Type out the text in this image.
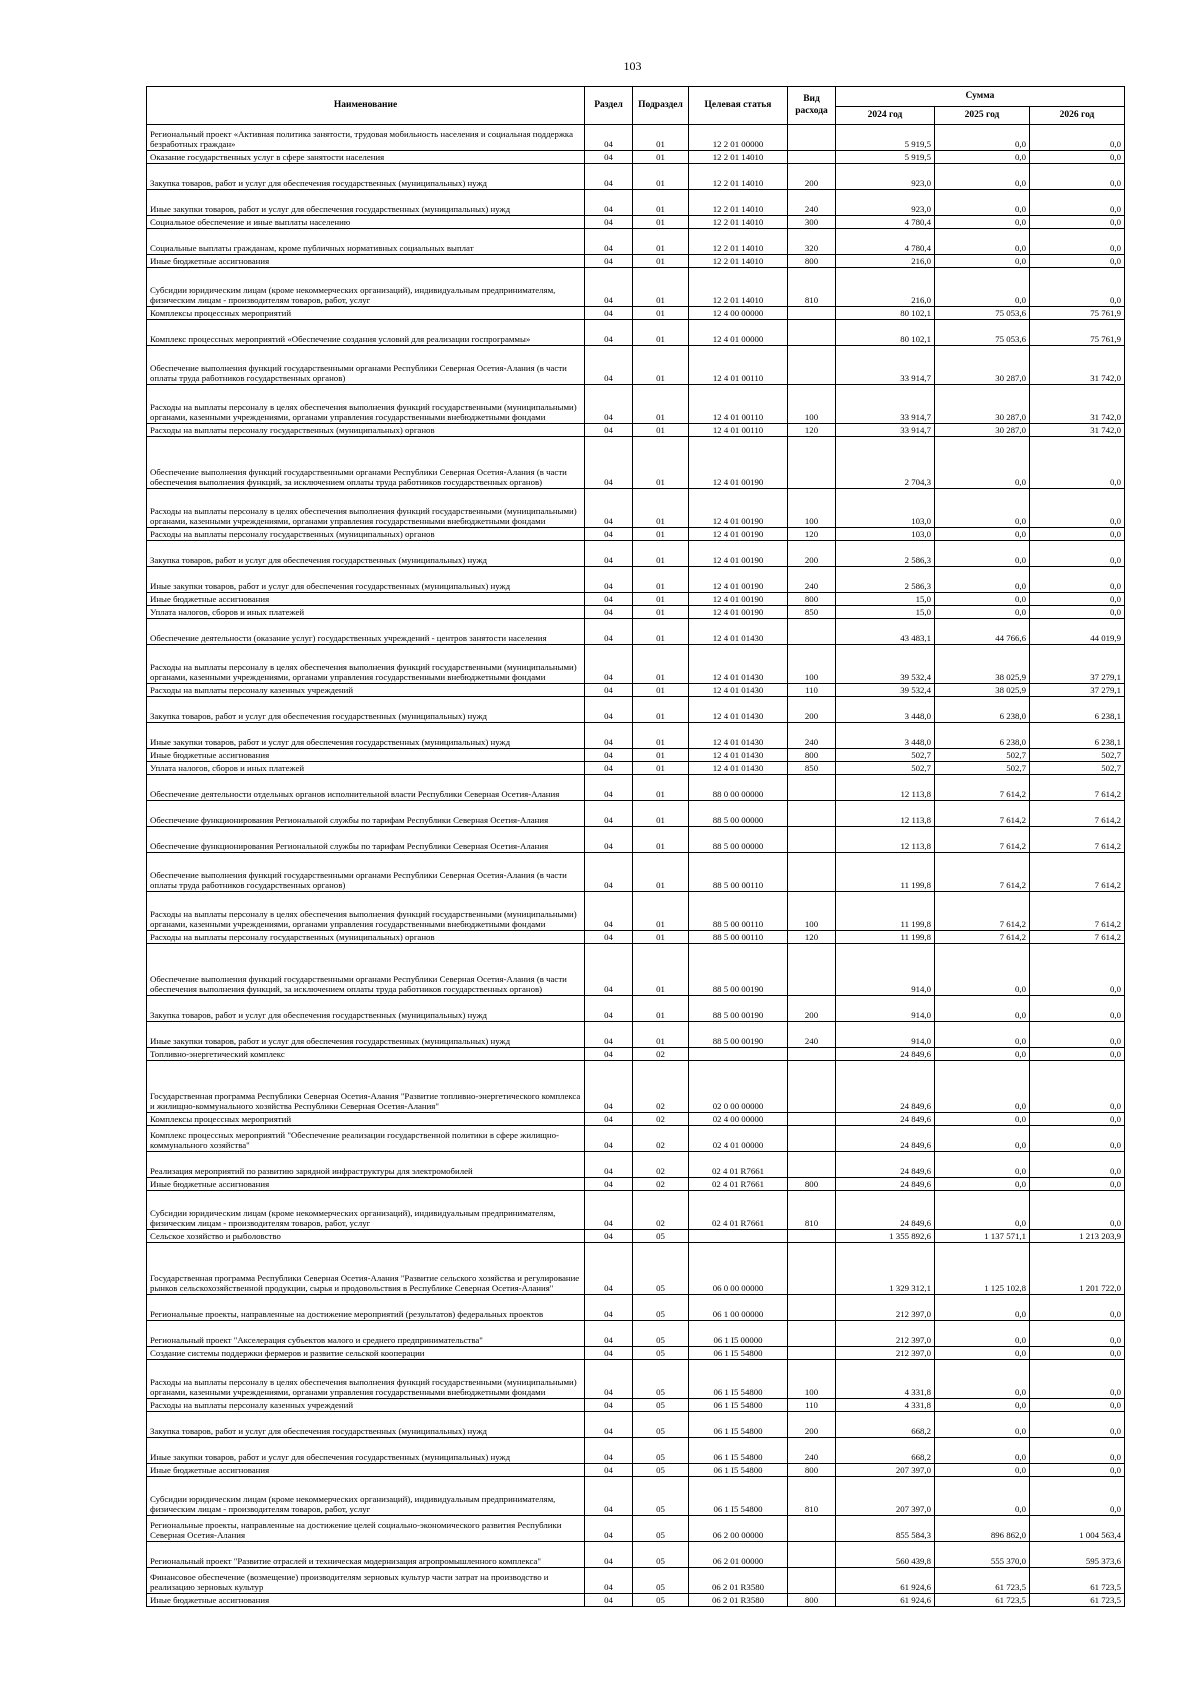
103
Наименование	Раздел	Подраздел	Целевая статья	Вид расхода	Сумма		
					2024 год	2025 год	2026 год
Региональный проект «Активная политика занятости, трудовая мобильность населения и социальная поддержка безработных граждан»	04	01	12 2 01 00000		5 919,5	0,0	0,0
Оказание государственных услуг в сфере занятости населения	04	01	12 2 01 14010		5 919,5	0,0	0,0
Закупка товаров, работ и услуг для обеспечения государственных (муниципальных) нужд	04	01	12 2 01 14010	200	923,0	0,0	0,0
Иные закупки товаров, работ и услуг для обеспечения государственных (муниципальных) нужд	04	01	12 2 01 14010	240	923,0	0,0	0,0
Социальное обеспечение и иные выплаты населению	04	01	12 2 01 14010	300	4 780,4	0,0	0,0
Социальные выплаты гражданам, кроме публичных нормативных социальных выплат	04	01	12 2 01 14010	320	4 780,4	0,0	0,0
Иные бюджетные ассигнования	04	01	12 2 01 14010	800	216,0	0,0	0,0
Субсидии юридическим лицам (кроме некоммерческих организаций), индивидуальным предпринимателям, физическим лицам - производителям товаров, работ, услуг	04	01	12 2 01 14010	810	216,0	0,0	0,0
Комплексы процессных мероприятий	04	01	12 4 00 00000		80 102,1	75 053,6	75 761,9
Комплекс процессных мероприятий «Обеспечение создания условий для реализации госпрограммы»	04	01	12 4 01 00000		80 102,1	75 053,6	75 761,9
Обеспечение выполнения функций государственными органами Республики Северная Осетия-Алания (в части оплаты труда работников государственных органов)	04	01	12 4 01 00110		33 914,7	30 287,0	31 742,0
Расходы на выплаты персоналу в целях обеспечения выполнения функций государственными (муниципальными) органами, казенными учреждениями, органами управления государственными внебюджетными фондами	04	01	12 4 01 00110	100	33 914,7	30 287,0	31 742,0
Расходы на выплаты персоналу государственных (муниципальных) органов	04	01	12 4 01 00110	120	33 914,7	30 287,0	31 742,0
Обеспечение выполнения функций государственными органами Республики Северная Осетия-Алания (в части обеспечения выполнения функций, за исключением оплаты труда работников государственных органов)	04	01	12 4 01 00190		2 704,3	0,0	0,0
Расходы на выплаты персоналу в целях обеспечения выполнения функций государственными (муниципальными) органами, казенными учреждениями, органами управления государственными внебюджетными фондами	04	01	12 4 01 00190	100	103,0	0,0	0,0
Расходы на выплаты персоналу государственных (муниципальных) органов	04	01	12 4 01 00190	120	103,0	0,0	0,0
Закупка товаров, работ и услуг для обеспечения государственных (муниципальных) нужд	04	01	12 4 01 00190	200	2 586,3	0,0	0,0
Иные закупки товаров, работ и услуг для обеспечения государственных (муниципальных) нужд	04	01	12 4 01 00190	240	2 586,3	0,0	0,0
Иные бюджетные ассигнования	04	01	12 4 01 00190	800	15,0	0,0	0,0
Уплата налогов, сборов и иных платежей	04	01	12 4 01 00190	850	15,0	0,0	0,0
Обеспечение деятельности (оказание услуг) государственных учреждений - центров занятости населения	04	01	12 4 01 01430		43 483,1	44 766,6	44 019,9
Расходы на выплаты персоналу в целях обеспечения выполнения функций государственными (муниципальными) органами, казенными учреждениями, органами управления государственными внебюджетными фондами	04	01	12 4 01 01430	100	39 532,4	38 025,9	37 279,1
Расходы на выплаты персоналу казенных учреждений	04	01	12 4 01 01430	110	39 532,4	38 025,9	37 279,1
Закупка товаров, работ и услуг для обеспечения государственных (муниципальных) нужд	04	01	12 4 01 01430	200	3 448,0	6 238,0	6 238,1
Иные закупки товаров, работ и услуг для обеспечения государственных (муниципальных) нужд	04	01	12 4 01 01430	240	3 448,0	6 238,0	6 238,1
Иные бюджетные ассигнования	04	01	12 4 01 01430	800	502,7	502,7	502,7
Уплата налогов, сборов и иных платежей	04	01	12 4 01 01430	850	502,7	502,7	502,7
Обеспечение деятельности отдельных органов исполнительной власти Республики Северная Осетия-Алания	04	01	88 0 00 00000		12 113,8	7 614,2	7 614,2
Обеспечение функционирования Региональной службы по тарифам Республики Северная Осетия-Алания	04	01	88 5 00 00000		12 113,8	7 614,2	7 614,2
Обеспечение функционирования Региональной службы по тарифам Республики Северная Осетия-Алания	04	01	88 5 00 00000		12 113,8	7 614,2	7 614,2
Обеспечение выполнения функций государственными органами Республики Северная Осетия-Алания (в части оплаты труда работников государственных органов)	04	01	88 5 00 00110		11 199,8	7 614,2	7 614,2
Расходы на выплаты персоналу в целях обеспечения выполнения функций государственными (муниципальными) органами, казенными учреждениями, органами управления государственными внебюджетными фондами	04	01	88 5 00 00110	100	11 199,8	7 614,2	7 614,2
Расходы на выплаты персоналу государственных (муниципальных) органов	04	01	88 5 00 00110	120	11 199,8	7 614,2	7 614,2
Обеспечение выполнения функций государственными органами Республики Северная Осетия-Алания (в части обеспечения выполнения функций, за исключением оплаты труда работников государственных органов)	04	01	88 5 00 00190		914,0	0,0	0,0
Закупка товаров, работ и услуг для обеспечения государственных (муниципальных) нужд	04	01	88 5 00 00190	200	914,0	0,0	0,0
Иные закупки товаров, работ и услуг для обеспечения государственных (муниципальных) нужд	04	01	88 5 00 00190	240	914,0	0,0	0,0
Топливно-энергетический комплекс	04	02			24 849,6	0,0	0,0
Государственная программа Республики Северная Осетия-Алания "Развитие топливно-энергетического комплекса и жилищно-коммунального хозяйства Республики Северная Осетия-Алания"	04	02	02 0 00 00000		24 849,6	0,0	0,0
Комплексы процессных мероприятий	04	02	02 4 00 00000		24 849,6	0,0	0,0
Комплекс процессных мероприятий "Обеспечение реализации государственной политики в сфере жилищно-коммунального хозяйства"	04	02	02 4 01 00000		24 849,6	0,0	0,0
Реализация мероприятий по развитию зарядной инфраструктуры для электромобилей	04	02	02 4 01 R7661		24 849,6	0,0	0,0
Иные бюджетные ассигнования	04	02	02 4 01 R7661	800	24 849,6	0,0	0,0
Субсидии юридическим лицам (кроме некоммерческих организаций), индивидуальным предпринимателям, физическим лицам - производителям товаров, работ, услуг	04	02	02 4 01 R7661	810	24 849,6	0,0	0,0
Сельское хозяйство и рыболовство	04	05			1 355 892,6	1 137 571,1	1 213 203,9
Государственная программа Республики Северная Осетия-Алания "Развитие сельского хозяйства и регулирование рынков сельскохозяйственной продукции, сырья и продовольствия в Республике Северная Осетия-Алания"	04	05	06 0 00 00000		1 329 312,1	1 125 102,8	1 201 722,0
Региональные проекты, направленные на достижение мероприятий (результатов) федеральных проектов	04	05	06 1 00 00000		212 397,0	0,0	0,0
Региональный проект "Акселерация субъектов малого и среднего предпринимательства"	04	05	06 1 I5 00000		212 397,0	0,0	0,0
Создание системы поддержки фермеров и развитие сельской кооперации	04	05	06 1 I5 54800		212 397,0	0,0	0,0
Расходы на выплаты персоналу в целях обеспечения выполнения функций государственными (муниципальными) органами, казенными учреждениями, органами управления государственными внебюджетными фондами	04	05	06 1 I5 54800	100	4 331,8	0,0	0,0
Расходы на выплаты персоналу казенных учреждений	04	05	06 1 I5 54800	110	4 331,8	0,0	0,0
Закупка товаров, работ и услуг для обеспечения государственных (муниципальных) нужд	04	05	06 1 I5 54800	200	668,2	0,0	0,0
Иные закупки товаров, работ и услуг для обеспечения государственных (муниципальных) нужд	04	05	06 1 I5 54800	240	668,2	0,0	0,0
Иные бюджетные ассигнования	04	05	06 1 I5 54800	800	207 397,0	0,0	0,0
Субсидии юридическим лицам (кроме некоммерческих организаций), индивидуальным предпринимателям, физическим лицам - производителям товаров, работ, услуг	04	05	06 1 I5 54800	810	207 397,0	0,0	0,0
Региональные проекты, направленные на достижение целей социально-экономического развития Республики Северная Осетия-Алания	04	05	06 2 00 00000		855 584,3	896 862,0	1 004 563,4
Региональный проект "Развитие отраслей и техническая модернизация агропромышленного комплекса"	04	05	06 2 01 00000		560 439,8	555 370,0	595 373,6
Финансовое обеспечение (возмещение) производителям зерновых культур части затрат на производство и реализацию зерновых культур	04	05	06 2 01 R3580		61 924,6	61 723,5	61 723,5
Иные бюджетные ассигнования	04	05	06 2 01 R3580	800	61 924,6	61 723,5	61 723,5
